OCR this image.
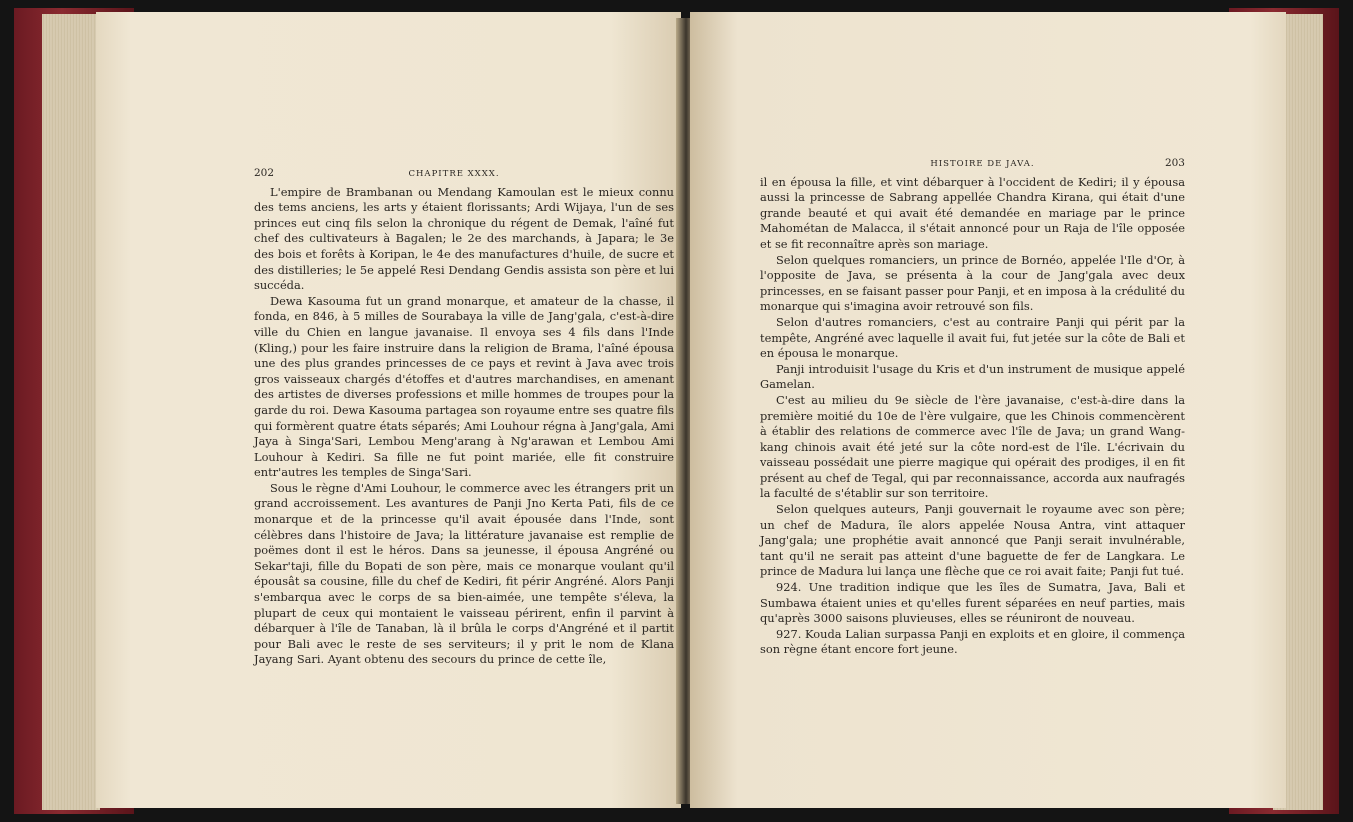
202	CHAPITRE XXXX.

L'empire de Brambanan ou Mendang Kamoulan est le mieux connu des tems anciens, les arts y étaient florissants; Ardi Wijaya, l'un de ses princes eut cinq fils selon la chronique du régent de Demak, l'aîné fut chef des cultivateurs à Bagalen; le 2e des marchands, à Japara; le 3e des bois et forêts à Koripan, le 4e des manufactures d'huile, de sucre et des distilleries; le 5e appelé Resi Dendang Gendis assista son père et lui succéda.

Dewa Kasouma fut un grand monarque, et amateur de la chasse, il fonda, en 846, à 5 milles de Sourabaya la ville de Jang'gala, c'est-à-dire ville du Chien en langue javanaise. Il envoya ses 4 fils dans l'Inde (Kling,) pour les faire instruire dans la religion de Brama, l'aîné épousa une des plus grandes princesses de ce pays et revint à Java avec trois gros vaisseaux chargés d'étoffes et d'autres marchandises, en amenant des artistes de diverses professions et mille hommes de troupes pour la garde du roi. Dewa Kasouma partagea son royaume entre ses quatre fils qui formèrent quatre états séparés; Ami Louhour régna à Jang'gala, Ami Jaya à Singa'Sari, Lembou Meng'arang à Ng'arawan et Lembou Ami Louhour à Kediri. Sa fille ne fut point mariée, elle fit construire entr'autres les temples de Singa'Sari.

Sous le règne d'Ami Louhour, le commerce avec les étrangers prit un grand accroissement. Les avantures de Panji Jno Kerta Pati, fils de ce monarque et de la princesse qu'il avait épousée dans l'Inde, sont célèbres dans l'histoire de Java; la littérature javanaise est remplie de poëmes dont il est le héros. Dans sa jeunesse, il épousa Angréné ou Sekar'taji, fille du Bopati de son père, mais ce monarque voulant qu'il épousât sa cousine, fille du chef de Kediri, fit périr Angréné. Alors Panji s'embarqua avec le corps de sa bien-aimée, une tempête s'éleva, la plupart de ceux qui montaient le vaisseau périrent, enfin il parvint à débarquer à l'île de Tanaban, là il brûla le corps d'Angréné et il partit pour Bali avec le reste de ses serviteurs; il y prit le nom de Klana Jayang Sari. Ayant obtenu des secours du prince de cette île,

HISTOIRE DE JAVA.	203

il en épousa la fille, et vint débarquer à l'occident de Kediri; il y épousa aussi la princesse de Sabrang appellée Chandra Kirana, qui était d'une grande beauté et qui avait été demandée en mariage par le prince Mahométan de Malacca, il s'était annoncé pour un Raja de l'île opposée et se fit reconnaître après son mariage.

Selon quelques romanciers, un prince de Bornéo, appelée l'Ile d'Or, à l'opposite de Java, se présenta à la cour de Jang'gala avec deux princesses, en se faisant passer pour Panji, et en imposa à la crédulité du monarque qui s'imagina avoir retrouvé son fils.

Selon d'autres romanciers, c'est au contraire Panji qui périt par la tempête, Angréné avec laquelle il avait fui, fut jetée sur la côte de Bali et en épousa le monarque.

Panji introduisit l'usage du Kris et d'un instrument de musique appelé Gamelan.

C'est au milieu du 9e siècle de l'ère javanaise, c'est-à-dire dans la première moitié du 10e de l'ère vulgaire, que les Chinois commencèrent à établir des relations de commerce avec l'île de Java; un grand Wang-kang chinois avait été jeté sur la côte nord-est de l'île. L'écrivain du vaisseau possédait une pierre magique qui opérait des prodiges, il en fit présent au chef de Tegal, qui par reconnaissance, accorda aux naufragés la faculté de s'établir sur son territoire.

Selon quelques auteurs, Panji gouvernait le royaume avec son père; un chef de Madura, île alors appelée Nousa Antra, vint attaquer Jang'gala; une prophétie avait annoncé que Panji serait invulnérable, tant qu'il ne serait pas atteint d'une baguette de fer de Langkara. Le prince de Madura lui lança une flèche que ce roi avait faite; Panji fut tué.

924. Une tradition indique que les îles de Sumatra, Java, Bali et Sumbawa étaient unies et qu'elles furent séparées en neuf parties, mais qu'après 3000 saisons pluvieuses, elles se réuniront de nouveau.

927. Kouda Lalian surpassa Panji en exploits et en gloire, il commença son règne étant encore fort jeune.
